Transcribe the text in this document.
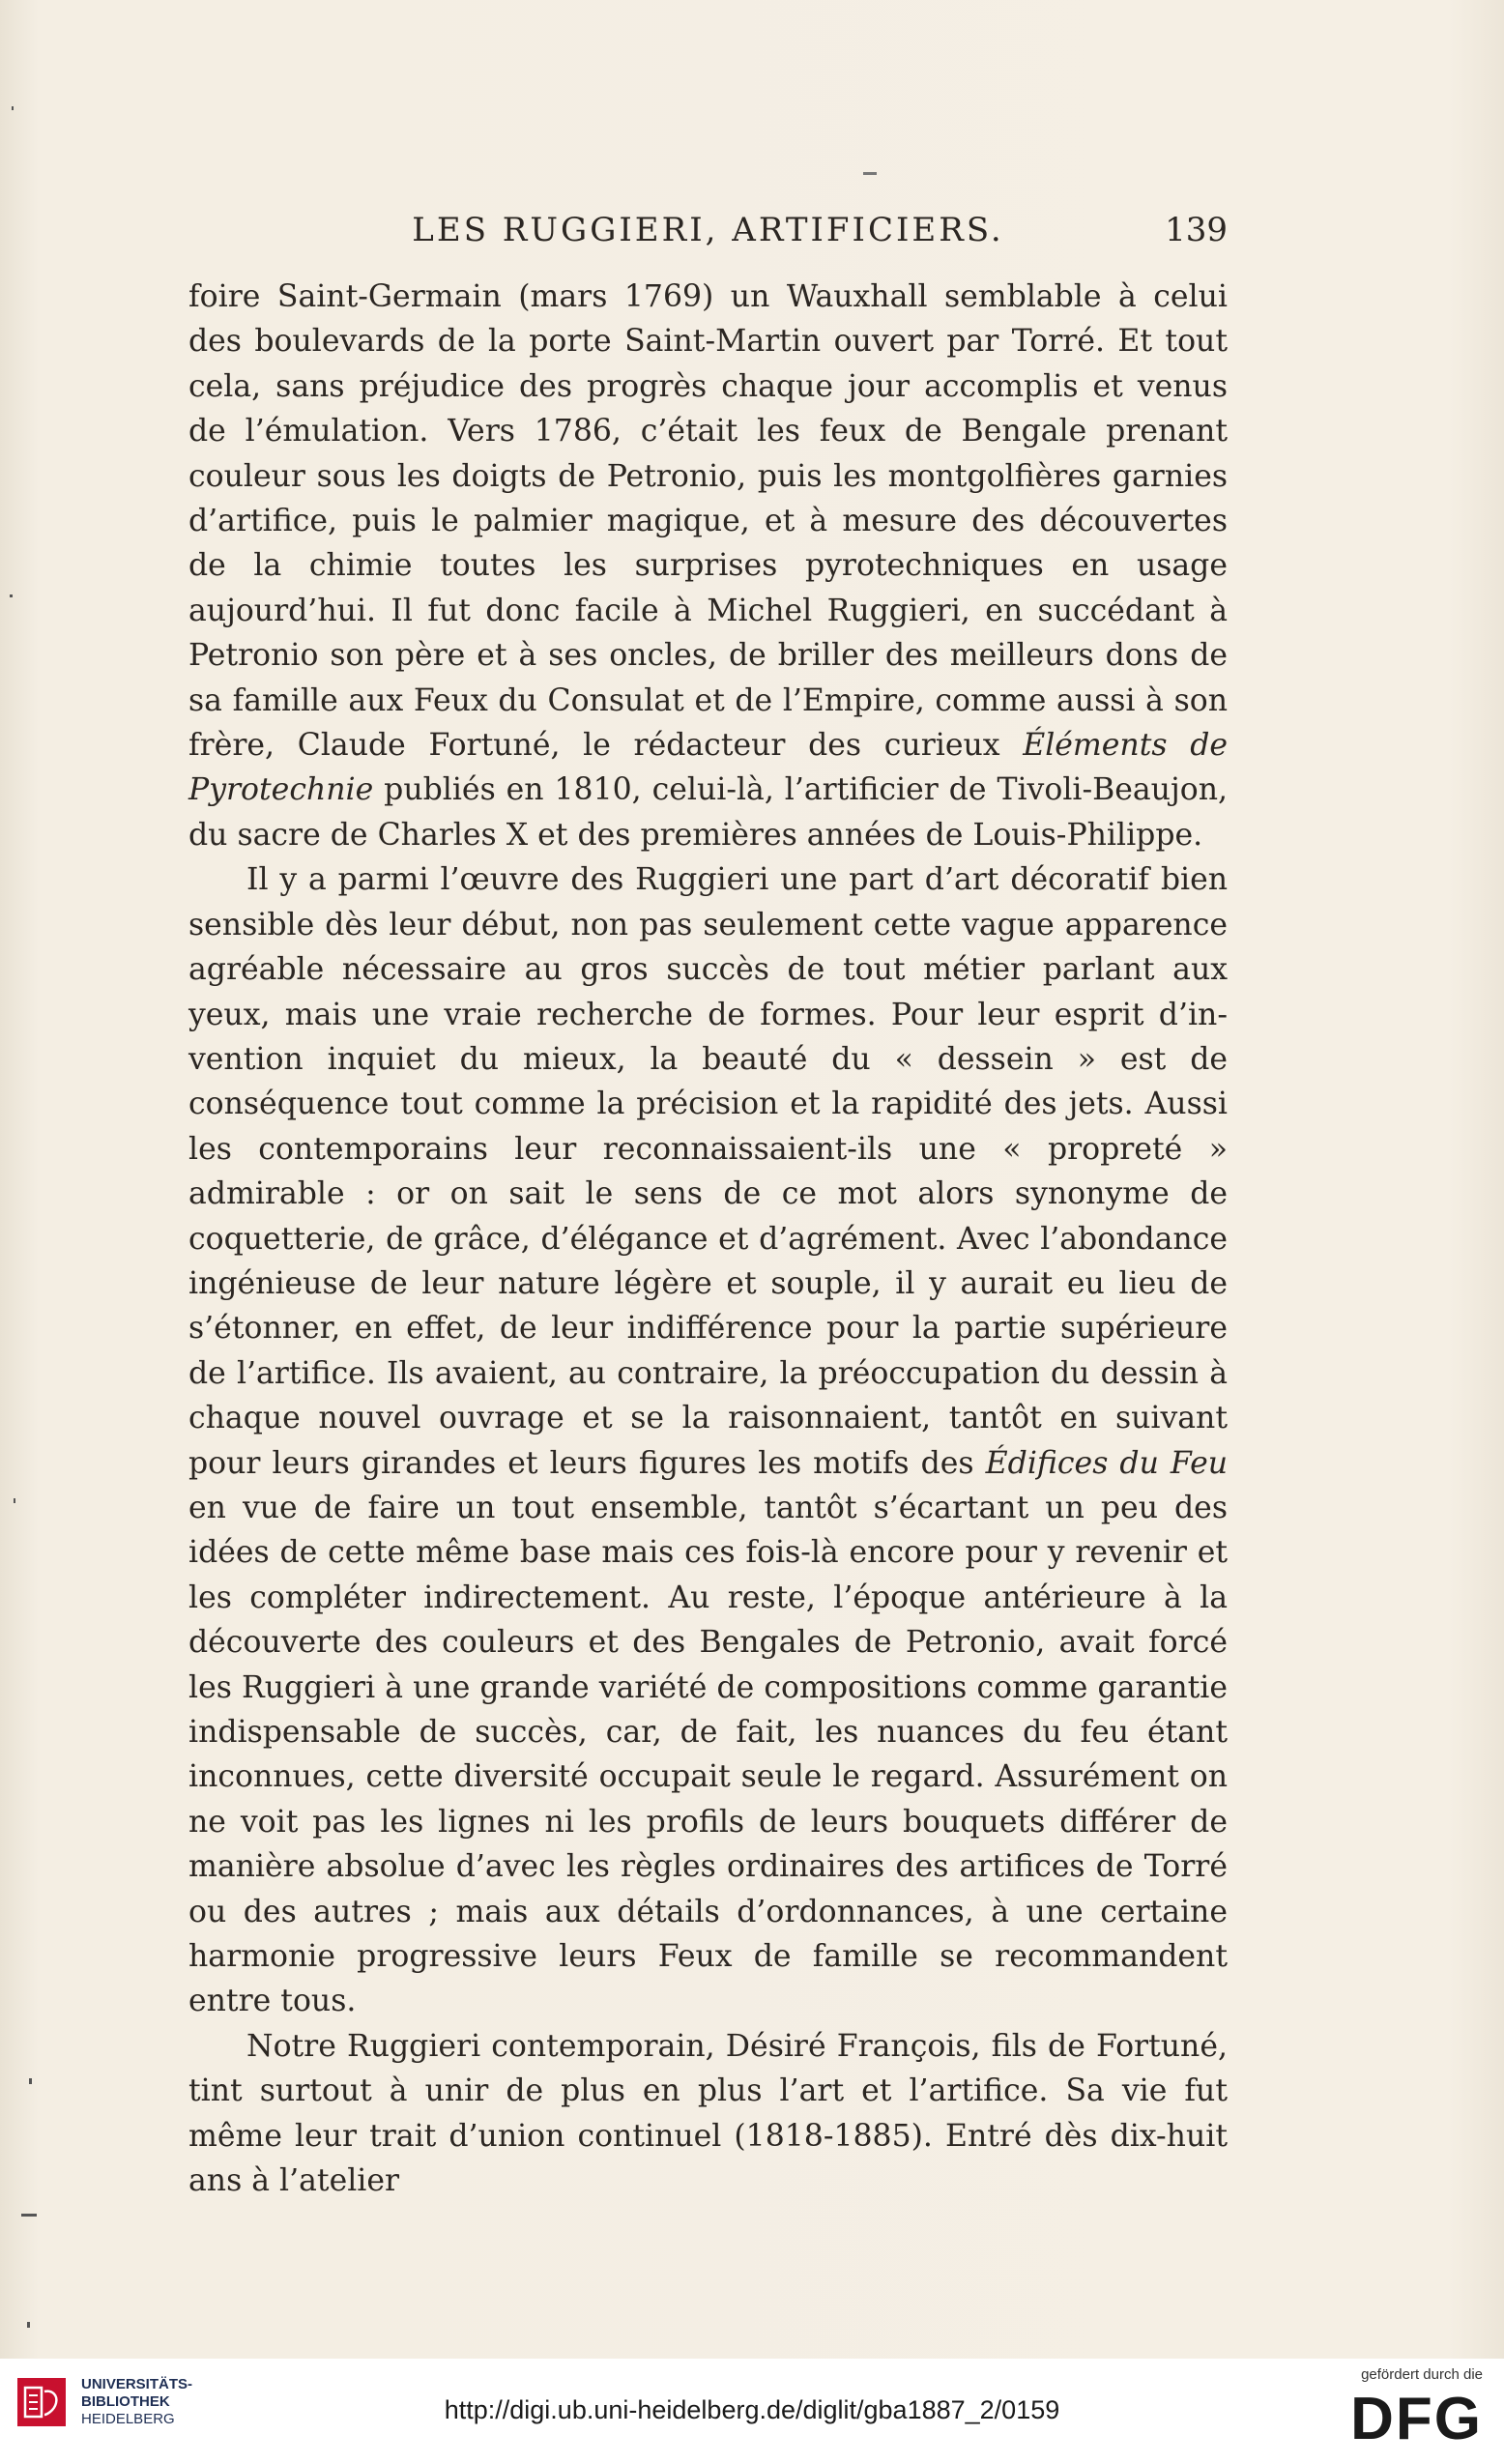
LES RUGGIERI, ARTIFICIERS.	139

foire Saint-Germain (mars 1769) un Wauxhall semblable à celui des boulevards de la porte Saint-Martin ouvert par Torré. Et tout cela, sans préjudice des progrès chaque jour accomplis et venus de l’émulation. Vers 1786, c’était les feux de Bengale prenant couleur sous les doigts de Petronio, puis les montgolfières garnies d’artifice, puis le palmier magique, et à mesure des découvertes de la chimie toutes les surprises pyrotechniques en usage aujourd’hui. Il fut donc facile à Michel Ruggieri, en succédant à Petronio son père et à ses oncles, de briller des meilleurs dons de sa famille aux Feux du Consulat et de l’Empire, comme aussi à son frère, Claude Fortuné, le rédacteur des curieux Éléments de Pyrotechnie publiés en 1810, celui-là, l’artificier de Tivoli-Beaujon, du sacre de Charles X et des premières années de Louis-Philippe.

Il y a parmi l’œuvre des Ruggieri une part d’art décoratif bien sensible dès leur début, non pas seulement cette vague apparence agréable nécessaire au gros succès de tout métier parlant aux yeux, mais une vraie recherche de formes. Pour leur esprit d’invention inquiet du mieux, la beauté du « dessein » est de conséquence tout comme la précision et la rapidité des jets. Aussi les contemporains leur reconnaissaient-ils une « propreté » admirable : or on sait le sens de ce mot alors synonyme de coquetterie, de grâce, d’élégance et d’agrément. Avec l’abondance ingénieuse de leur nature légère et souple, il y aurait eu lieu de s’étonner, en effet, de leur indifférence pour la partie supérieure de l’artifice. Ils avaient, au contraire, la préoccupation du dessin à chaque nouvel ouvrage et se la raisonnaient, tantôt en suivant pour leurs girandes et leurs figures les motifs des Édifices du Feu en vue de faire un tout ensemble, tantôt s’écartant un peu des idées de cette même base mais ces fois-là encore pour y revenir et les compléter indirectement. Au reste, l’époque antérieure à la découverte des couleurs et des Bengales de Petronio, avait forcé les Ruggieri à une grande variété de compositions comme garantie indispensable de succès, car, de fait, les nuances du feu étant inconnues, cette diversité occupait seule le regard. Assurément on ne voit pas les lignes ni les profils de leurs bouquets différer de manière absolue d’avec les règles ordinaires des artifices de Torré ou des autres ; mais aux détails d’ordonnances, à une certaine harmonie progressive leurs Feux de famille se recommandent entre tous.

Notre Ruggieri contemporain, Désiré François, fils de Fortuné, tint surtout à unir de plus en plus l’art et l’artifice. Sa vie fut même leur trait d’union continuel (1818-1885). Entré dès dix-huit ans à l’atelier

UNIVERSITÄTS-
BIBLIOTHEK
HEIDELBERG	http://digi.ub.uni-heidelberg.de/diglit/gba1887_2/0159
gefördert durch die
DFG
